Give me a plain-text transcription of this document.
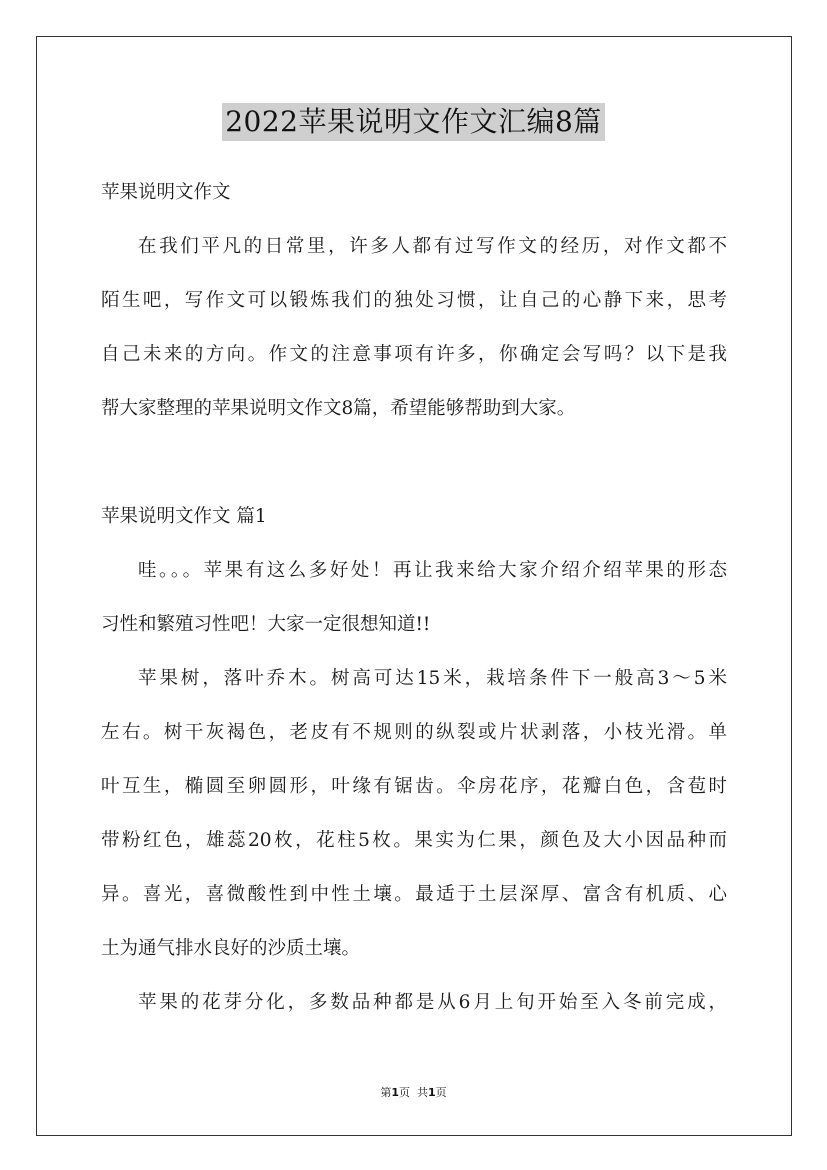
2022苹果说明文作文汇编8篇
苹果说明文作文
在我们平凡的日常里，许多人都有过写作文的经历，对作文都不
陌生吧，写作文可以锻炼我们的独处习惯，让自己的心静下来，思考
自己未来的方向。作文的注意事项有许多，你确定会写吗？以下是我
帮大家整理的苹果说明文作文8篇，希望能够帮助到大家。
苹果说明文作文 篇1
哇。。。苹果有这么多好处！再让我来给大家介绍介绍苹果的形态
习性和繁殖习性吧！大家一定很想知道!!
苹果树，落叶乔木。树高可达15米，栽培条件下一般高3～5米
左右。树干灰褐色，老皮有不规则的纵裂或片状剥落，小枝光滑。单
叶互生，椭圆至卵圆形，叶缘有锯齿。伞房花序，花瓣白色，含苞时
带粉红色，雄蕊20枚，花柱5枚。果实为仁果，颜色及大小因品种而
异。喜光，喜微酸性到中性土壤。最适于土层深厚、富含有机质、心
土为通气排水良好的沙质土壤。
苹果的花芽分化，多数品种都是从6月上旬开始至入冬前完成，
第1页  共1页
